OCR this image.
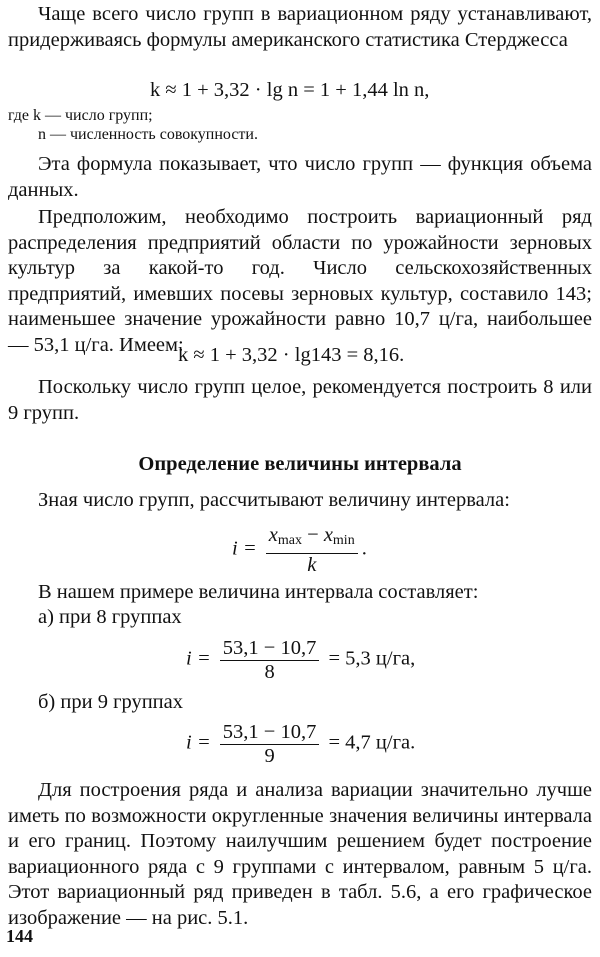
Чаще всего число групп в вариационном ряду устанавливают, придерживаясь формулы американского статистика Стерджесса

k ≈ 1 + 3,32 · lg n = 1 + 1,44 ln n,
где k — число групп;
n — численность совокупности.

Эта формула показывает, что число групп — функция объема данных.

Предположим, необходимо построить вариационный ряд распределения предприятий области по урожайности зерновых культур за какой-то год. Число сельскохозяйственных предприятий, имевших посевы зерновых культур, составило 143; наименьшее значение урожайности равно 10,7 ц/га, наибольшее — 53,1 ц/га. Имеем:

k ≈ 1 + 3,32 · lg143 = 8,16.

Поскольку число групп целое, рекомендуется построить 8 или 9 групп.

Определение величины интервала

Зная число групп, рассчитывают величину интервала:

$i = \frac{x_{max} - x_{min}}{k}$ .

В нашем примере величина интервала составляет:

а) при 8 группах
$i = \frac{53,1 - 10,7}{8} = 5,3$ ц/га,
б) при 9 группах
$i = \frac{53,1 - 10,7}{9} = 4,7$ ц/га.

Для построения ряда и анализа вариации значительно лучше иметь по возможности округленные значения величины интервала и его границ. Поэтому наилучшим решением будет построение вариационного ряда с 9 группами с интервалом, равным 5 ц/га. Этот вариационный ряд приведен в табл. 5.6, а его графическое изображение — на рис. 5.1.

144
